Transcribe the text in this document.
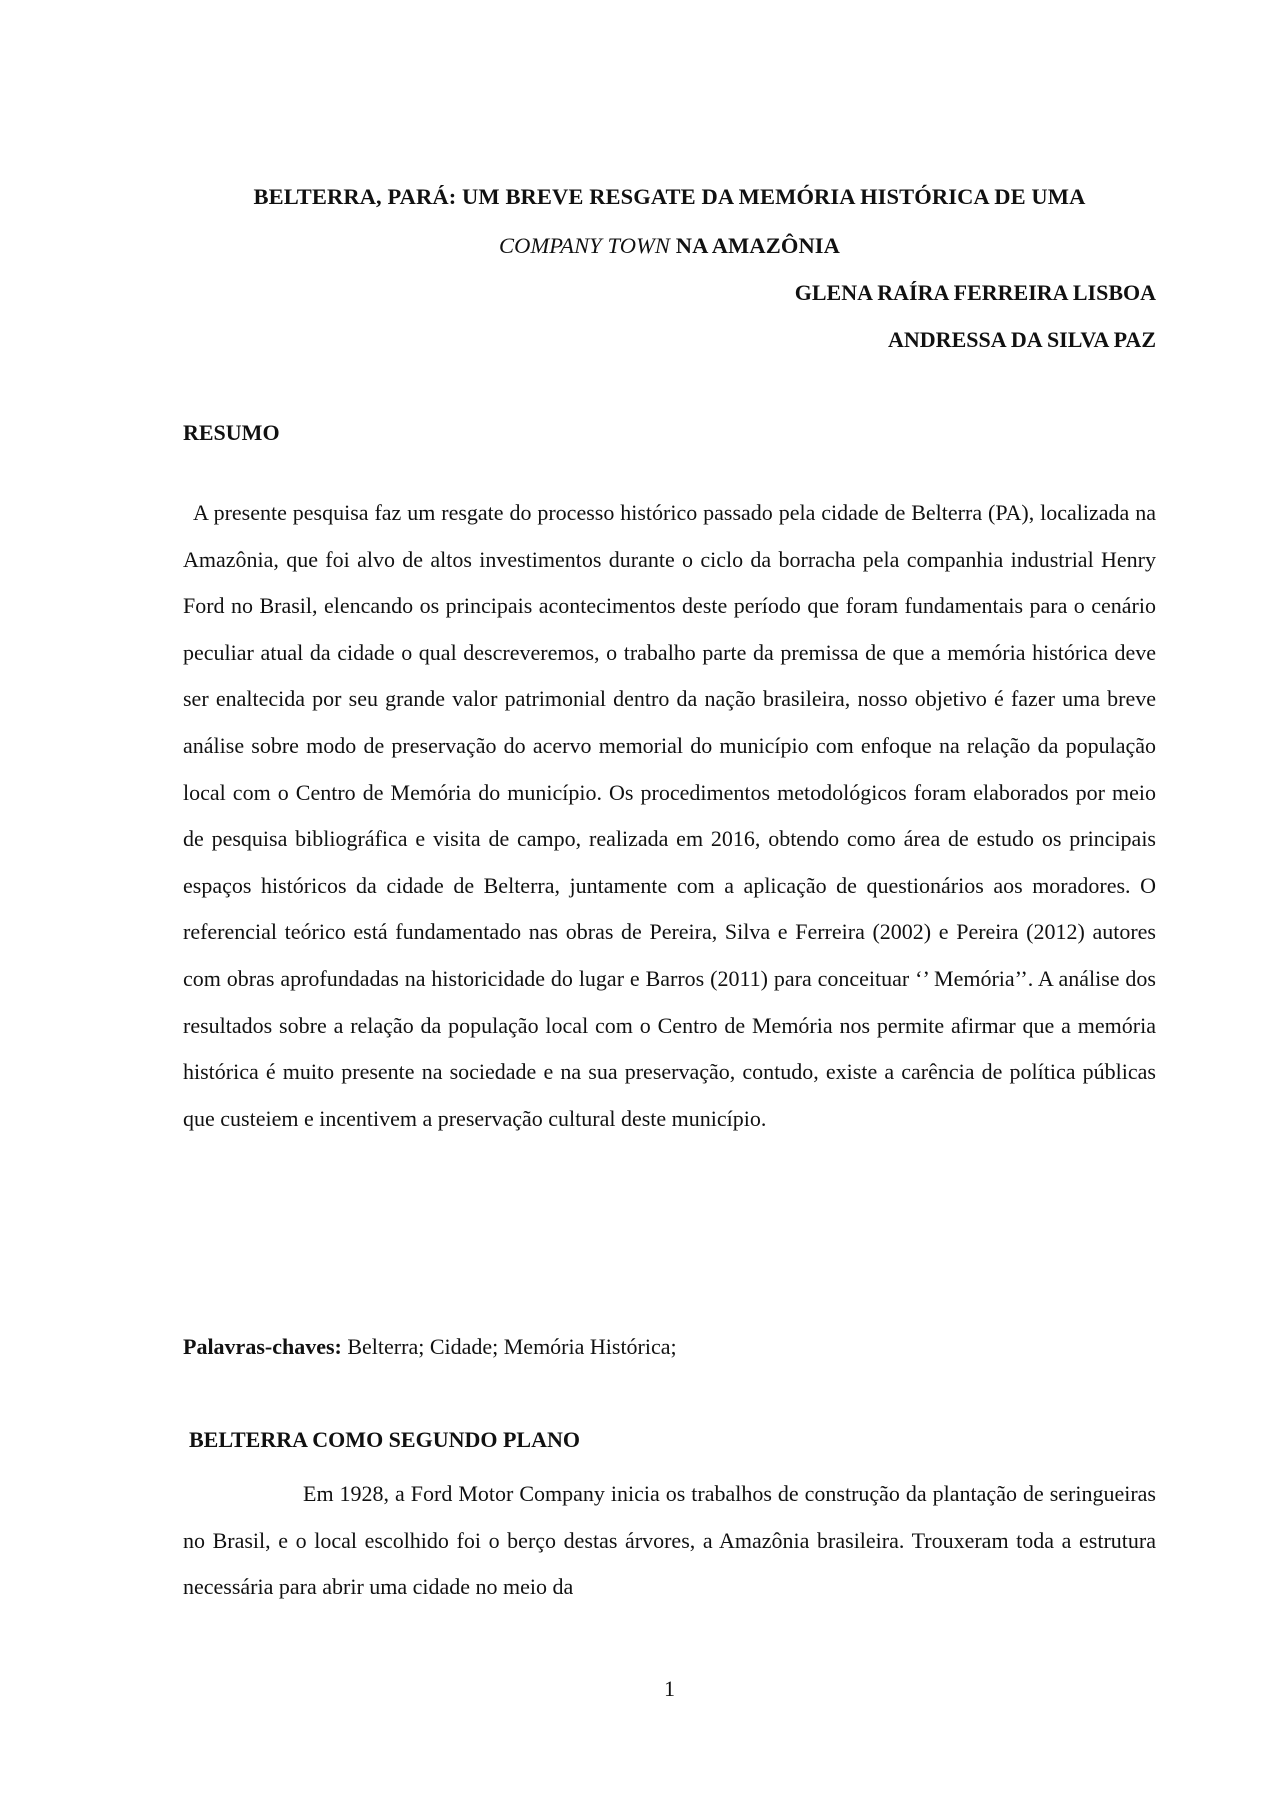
BELTERRA, PARÁ: UM BREVE RESGATE DA MEMÓRIA HISTÓRICA DE UMA
COMPANY TOWN NA AMAZÔNIA
GLENA RAÍRA FERREIRA LISBOA
ANDRESSA DA SILVA PAZ
RESUMO

A presente pesquisa faz um resgate do processo histórico passado pela cidade de Belterra (PA), localizada na Amazônia, que foi alvo de altos investimentos durante o ciclo da borracha pela companhia industrial Henry Ford no Brasil, elencando os principais acontecimentos deste período que foram fundamentais para o cenário peculiar atual da cidade o qual descreveremos, o trabalho parte da premissa de que a memória histórica deve ser enaltecida por seu grande valor patrimonial dentro da nação brasileira, nosso objetivo é fazer uma breve análise sobre modo de preservação do acervo memorial do município com enfoque na relação da população local com o Centro de Memória do município. Os procedimentos metodológicos foram elaborados por meio de pesquisa bibliográfica e visita de campo, realizada em 2016, obtendo como área de estudo os principais espaços históricos da cidade de Belterra, juntamente com a aplicação de questionários aos moradores. O referencial teórico está fundamentado nas obras de Pereira, Silva e Ferreira (2002) e Pereira (2012) autores com obras aprofundadas na historicidade do lugar e Barros (2011) para conceituar ‘’ Memória’’. A análise dos resultados sobre a relação da população local com o Centro de Memória nos permite afirmar que a memória histórica é muito presente na sociedade e na sua preservação, contudo, existe a carência de política públicas que custeiem e incentivem a preservação cultural deste município.

Palavras-chaves: Belterra; Cidade; Memória Histórica;
BELTERRA COMO SEGUNDO PLANO

Em 1928, a Ford Motor Company inicia os trabalhos de construção da plantação de seringueiras no Brasil, e o local escolhido foi o berço destas árvores, a Amazônia brasileira. Trouxeram toda a estrutura necessária para abrir uma cidade no meio da

1
